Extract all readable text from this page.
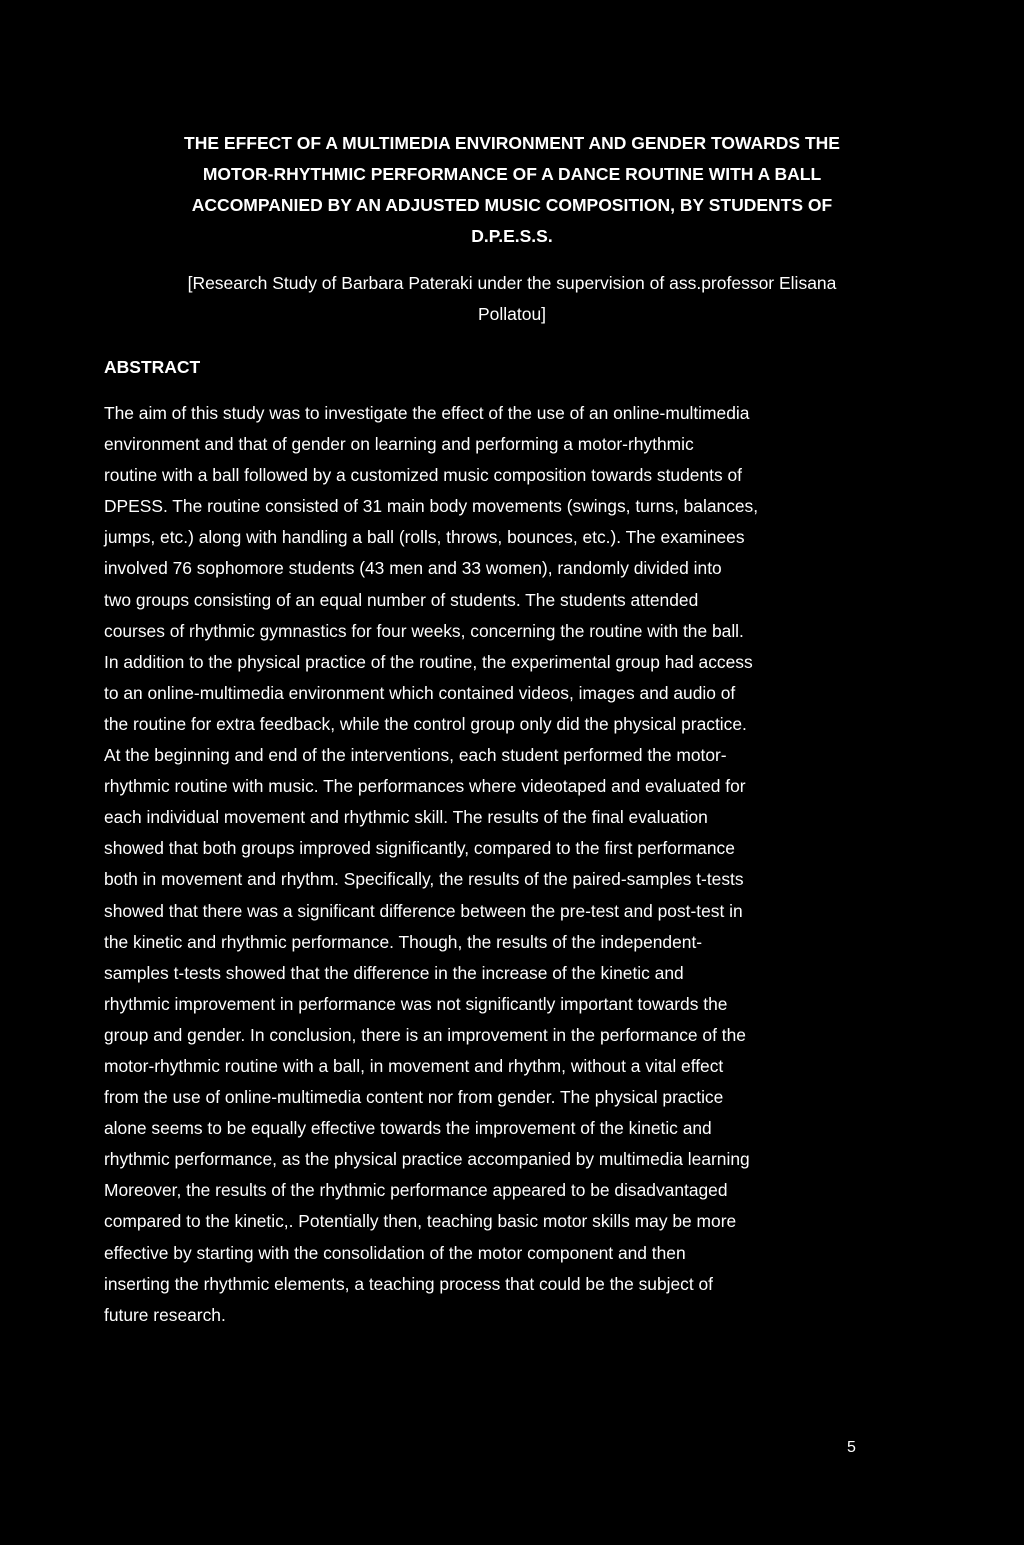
THE EFFECT OF A MULTIMEDIA ENVIRONMENT AND GENDER TOWARDS THE
MOTOR-RHYTHMIC PERFORMANCE OF A DANCE ROUTINE WITH A BALL
ACCOMPANIED BY AN ADJUSTED MUSIC COMPOSITION, BY STUDENTS OF
D.P.E.S.S.

[Research Study of Barbara Pateraki under the supervision of ass.professor Elisana
Pollatou]

ABSTRACT
The aim of this study was to investigate the effect of the use of an online-multimedia
environment and that of gender on learning and performing a motor-rhythmic
routine with a ball followed by a customized music composition towards students of
DPESS. The routine consisted of 31 main body movements (swings, turns, balances,
jumps, etc.) along with handling a ball (rolls, throws, bounces, etc.). The examinees
involved 76 sophomore students (43 men and 33 women), randomly divided into
two groups consisting of an equal number of students. The students attended
courses of rhythmic gymnastics for four weeks, concerning the routine with the ball.
In addition to the physical practice of the routine, the experimental group had access
to an online-multimedia environment which contained videos, images and audio of
the routine for extra feedback, while the control group only did the physical practice.
At the beginning and end of the interventions, each student performed the motor-
rhythmic routine with music. The performances where videotaped and evaluated for
each individual movement and rhythmic skill. The results of the final evaluation
showed that both groups improved significantly, compared to the first performance
both in movement and rhythm. Specifically, the results of the paired-samples t-tests
showed that there was a significant difference between the pre-test and post-test in
the kinetic and rhythmic performance. Though, the results of the independent-
samples t-tests showed that the difference in the increase of the kinetic and
rhythmic improvement in performance was not significantly important towards the
group and gender. In conclusion, there is an improvement in the performance of the
motor-rhythmic routine with a ball, in movement and rhythm, without a vital effect
from the use of online-multimedia content nor from gender. The physical practice
alone seems to be equally effective towards the improvement of the kinetic and
rhythmic performance, as the physical practice accompanied by multimedia learning
Moreover, the results of the rhythmic performance appeared to be disadvantaged
compared to the kinetic,. Potentially then, teaching basic motor skills may be more
effective by starting with the consolidation of the motor component and then
inserting the rhythmic elements, a teaching process that could be the subject of
future research.
5
